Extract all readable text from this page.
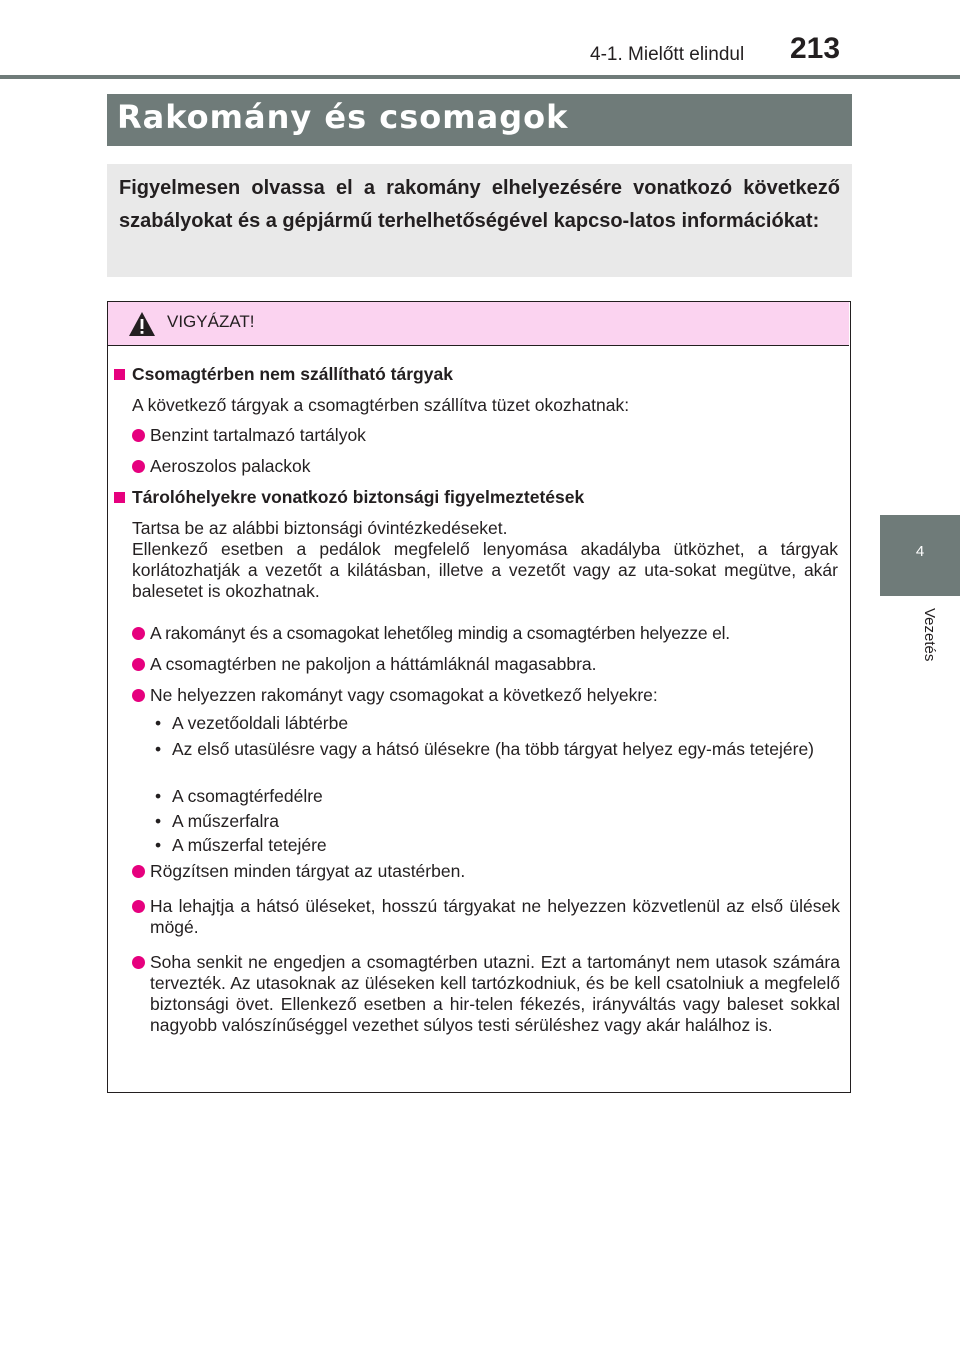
4-1. Mielőtt elindul 213
4
Vezetés
Rakomány és csomagok
Figyelmesen olvassa el a rakomány elhelyezésére vonatkozó következő szabályokat és a gépjármű terhelhetőségével kapcso-latos információkat:
VIGYÁZAT!
Csomagtérben nem szállítható tárgyak
A következő tárgyak a csomagtérben szállítva tüzet okozhatnak:
Benzint tartalmazó tartályok
Aeroszolos palackok
Tárolóhelyekre vonatkozó biztonsági figyelmeztetések
Tartsa be az alábbi biztonsági óvintézkedéseket.
Ellenkező esetben a pedálok megfelelő lenyomása akadályba ütközhet, a tárgyak korlátozhatják a vezetőt a kilátásban, illetve a vezetőt vagy az uta-sokat megütve, akár balesetet is okozhatnak.
A rakományt és a csomagokat lehetőleg mindig a csomagtérben helyezze el.
A csomagtérben ne pakoljon a háttámláknál magasabbra.
Ne helyezzen rakományt vagy csomagokat a következő helyekre:
• A vezetőoldali lábtérbe
• Az első utasülésre vagy a hátsó ülésekre (ha több tárgyat helyez egy-más tetejére)
• A csomagtérfedélre
• A műszerfalra
• A műszerfal tetejére
Rögzítsen minden tárgyat az utastérben.
Ha lehajtja a hátsó üléseket, hosszú tárgyakat ne helyezzen közvetlenül az első ülések mögé.
Soha senkit ne engedjen a csomagtérben utazni. Ezt a tartományt nem utasok számára tervezték. Az utasoknak az üléseken kell tartózkodniuk, és be kell csatolniuk a megfelelő biztonsági övet. Ellenkező esetben a hir-telen fékezés, irányváltás vagy baleset sokkal nagyobb valószínűséggel vezethet súlyos testi sérüléshez vagy akár halálhoz is.
